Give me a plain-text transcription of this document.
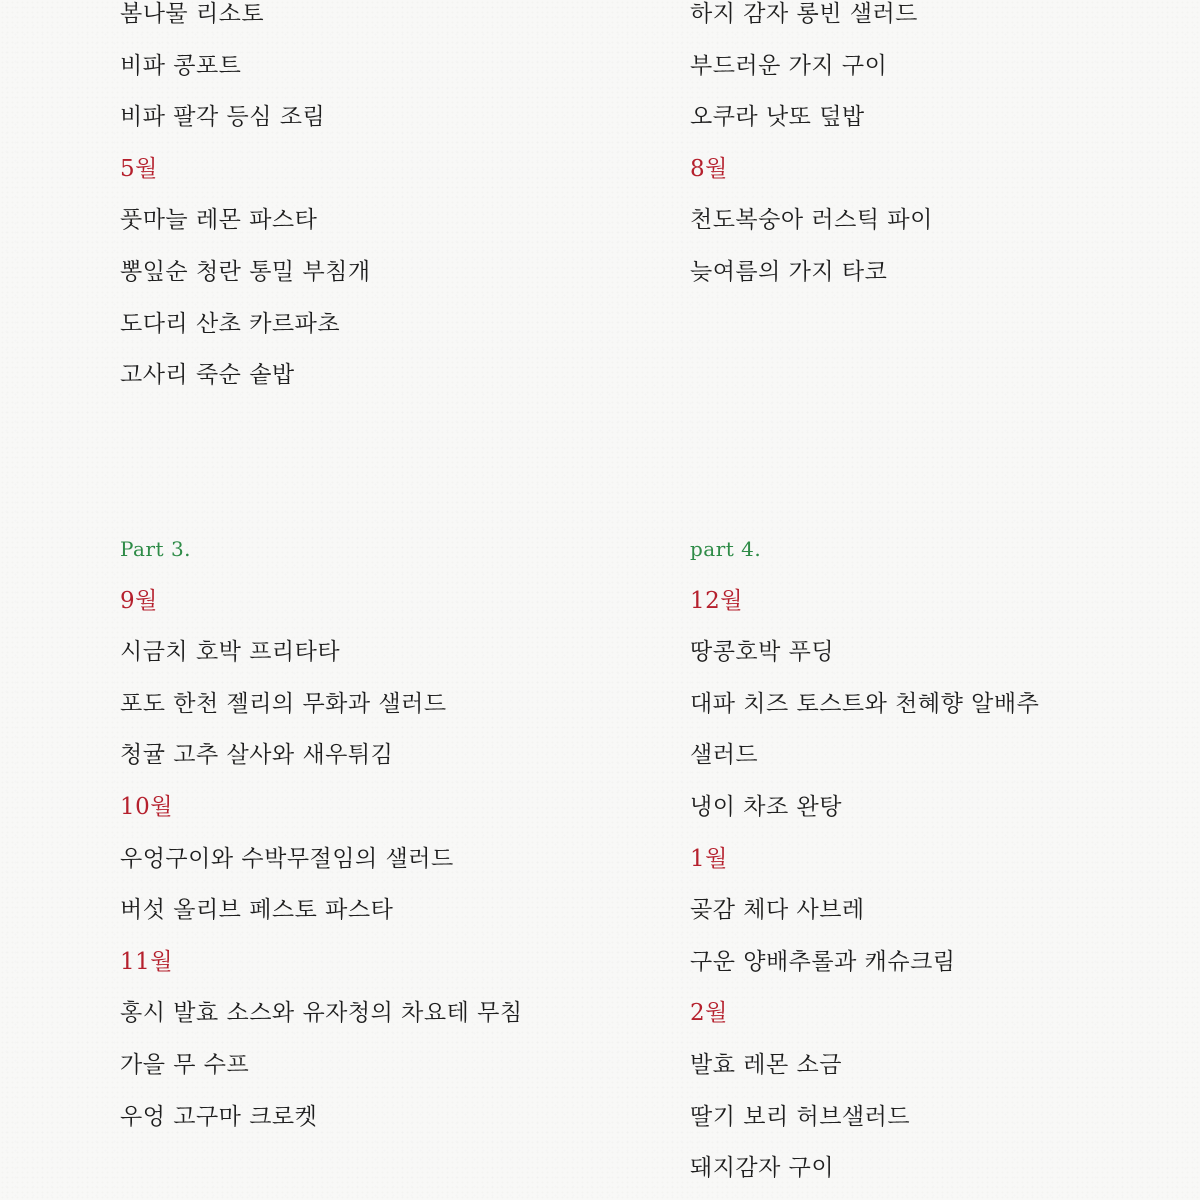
봄나물 리소토
비파 콩포트
비파 팔각 등심 조림
5월
풋마늘 레몬 파스타
뽕잎순 청란 통밀 부침개
도다리 산초 카르파초
고사리 죽순 솥밥
하지 감자 롱빈 샐러드
부드러운 가지 구이
오쿠라 낫또 덮밥
8월
천도복숭아 러스틱 파이
늦여름의 가지 타코
Part 3.
9월
시금치 호박 프리타타
포도 한천 젤리의 무화과 샐러드
청귤 고추 살사와 새우튀김
10월
우엉구이와 수박무절임의 샐러드
버섯 올리브 페스토 파스타
11월
홍시 발효 소스와 유자청의 차요테 무침
가을 무 수프
우엉 고구마 크로켓
part 4.
12월
땅콩호박 푸딩
대파 치즈 토스트와 천혜향 알배추
샐러드
냉이 차조 완탕
1월
곶감 체다 사브레
구운 양배추롤과 캐슈크림
2월
발효 레몬 소금
딸기 보리 허브샐러드
돼지감자 구이
